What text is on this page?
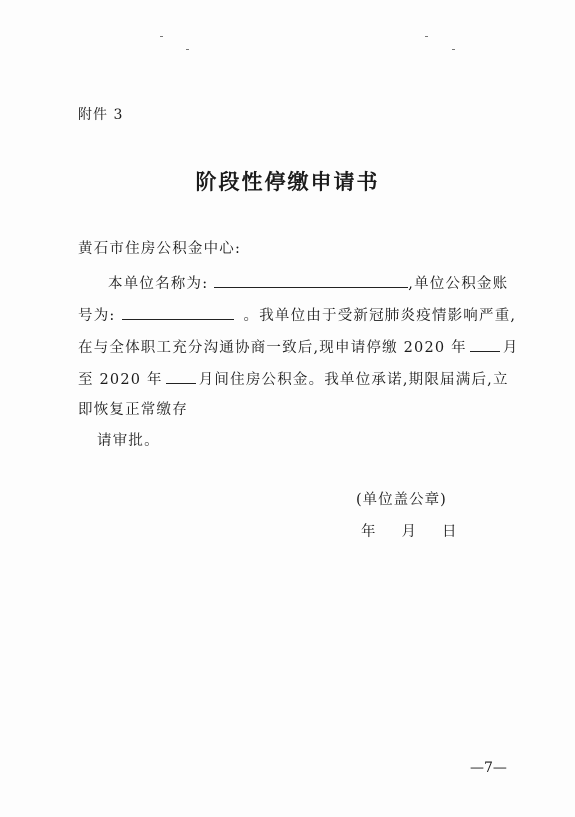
附件 3
阶段性停缴申请书
黄石市住房公积金中心:
本单位名称为:	,单位公积金账
号为:	。我单位由于受新冠肺炎疫情影响严重,
在与全体职工充分沟通协商一致后,现申请停缴 2020 年 月
至 2020 年 月间住房公积金。我单位承诺,期限届满后,立
即恢复正常缴存
请审批。
(单位盖公章)
年 月 日
—7—
